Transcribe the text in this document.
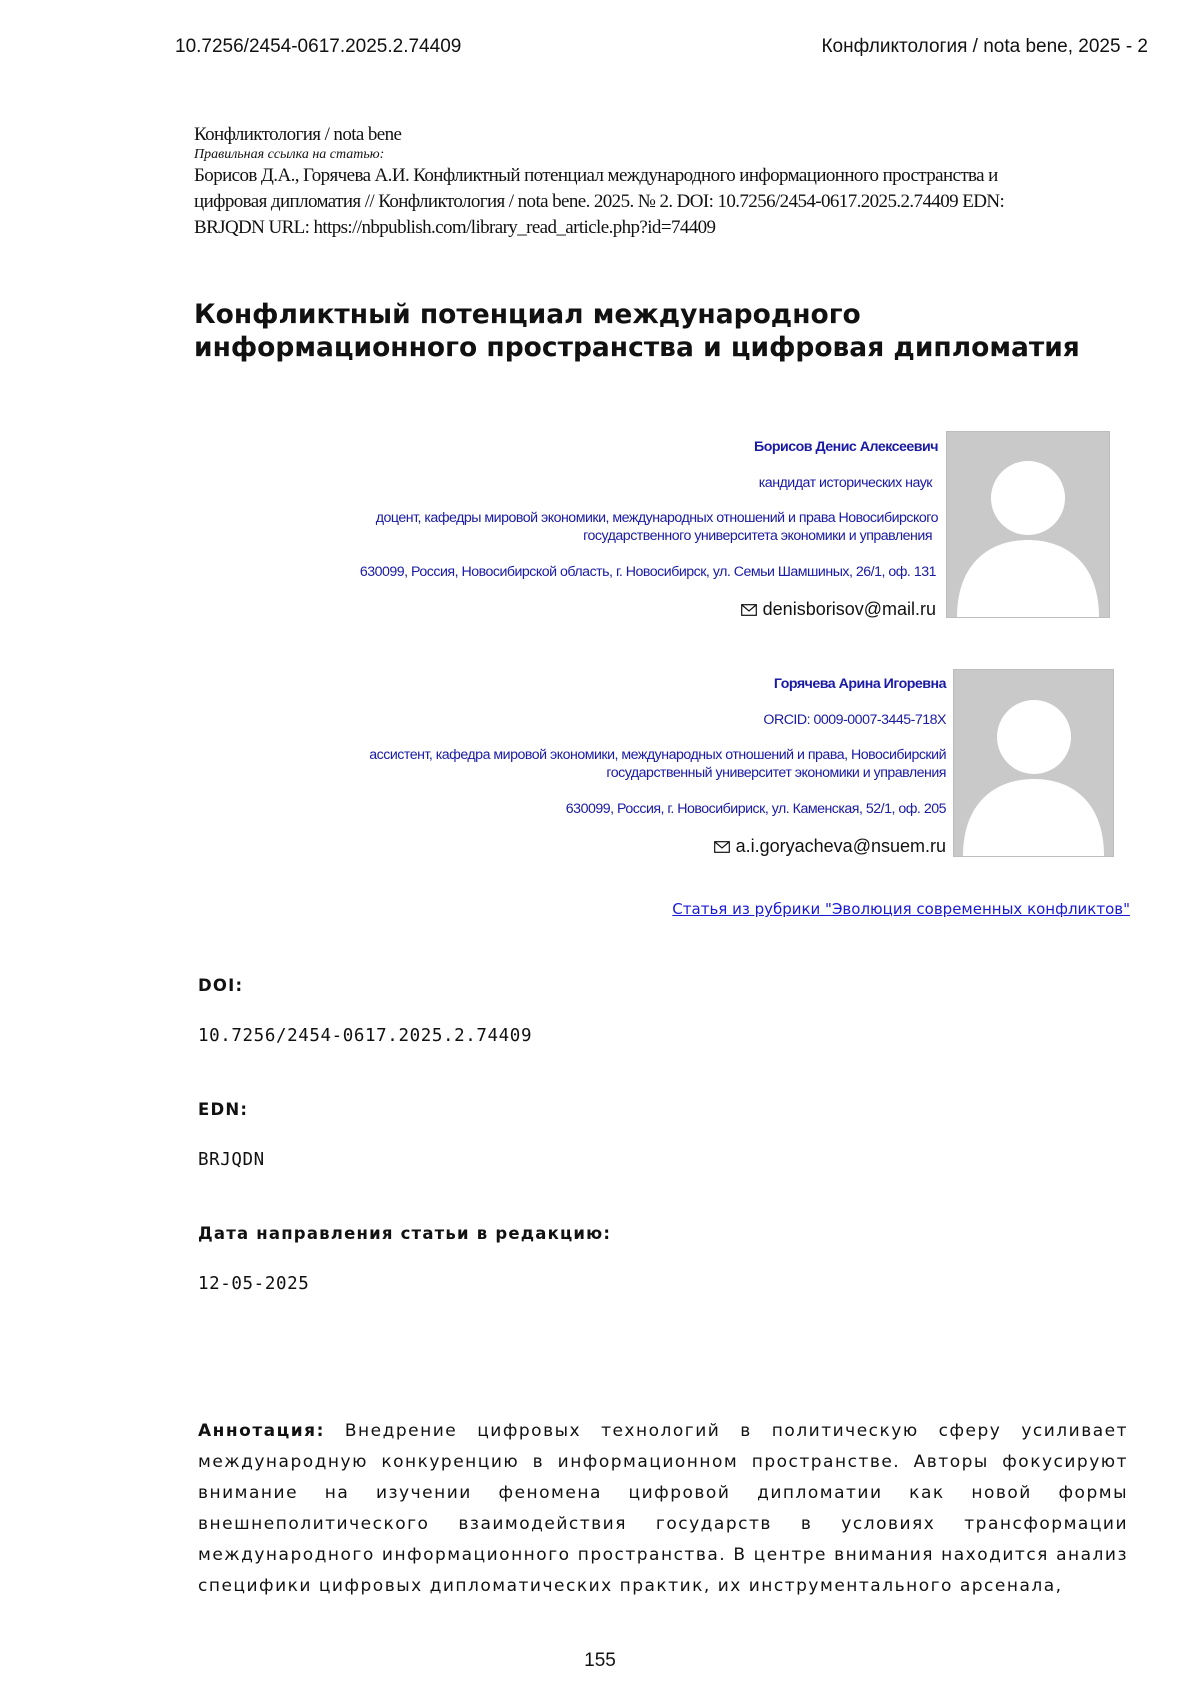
10.7256/2454-0617.2025.2.74409	Конфликтология / nota bene, 2025 - 2
Конфликтология / nota bene
Правильная ссылка на статью:
Борисов Д.А., Горячева А.И. Конфликтный потенциал международного информационного пространства и
цифровая дипломатия // Конфликтология / nota bene. 2025. № 2. DOI: 10.7256/2454-0617.2025.2.74409 EDN:
BRJQDN URL: https://nbpublish.com/library_read_article.php?id=74409
Конфликтный потенциал международного
информационного пространства и цифровая дипломатия
Борисов Денис Алексеевич
кандидат исторических наук
доцент, кафедры мировой экономики, международных отношений и права Новосибирского
государственного университета экономики и управления
630099, Россия, Новосибирской область, г. Новосибирск, ул. Семьи Шамшиных, 26/1, оф. 131
denisborisov@mail.ru
Горячева Арина Игоревна
ORCID: 0009-0007-3445-718X
ассистент, кафедра мировой экономики, международных отношений и права, Новосибирский
государственный университет экономики и управления
630099, Россия, г. Новосибириск, ул. Каменская, 52/1, оф. 205
a.i.goryacheva@nsuem.ru
Статья из рубрики "Эволюция современных конфликтов"
DOI:
10.7256/2454-0617.2025.2.74409
EDN:
BRJQDN
Дата направления статьи в редакцию:
12-05-2025
Аннотация: Внедрение цифровых технологий в политическую сферу усиливает международную конкуренцию в информационном пространстве. Авторы фокусируют внимание на изучении феномена цифровой дипломатии как новой формы внешнеполитического взаимодействия государств в условиях трансформации международного информационного пространства. В центре внимания находится анализ специфики цифровых дипломатических практик, их инструментального арсенала,
155
